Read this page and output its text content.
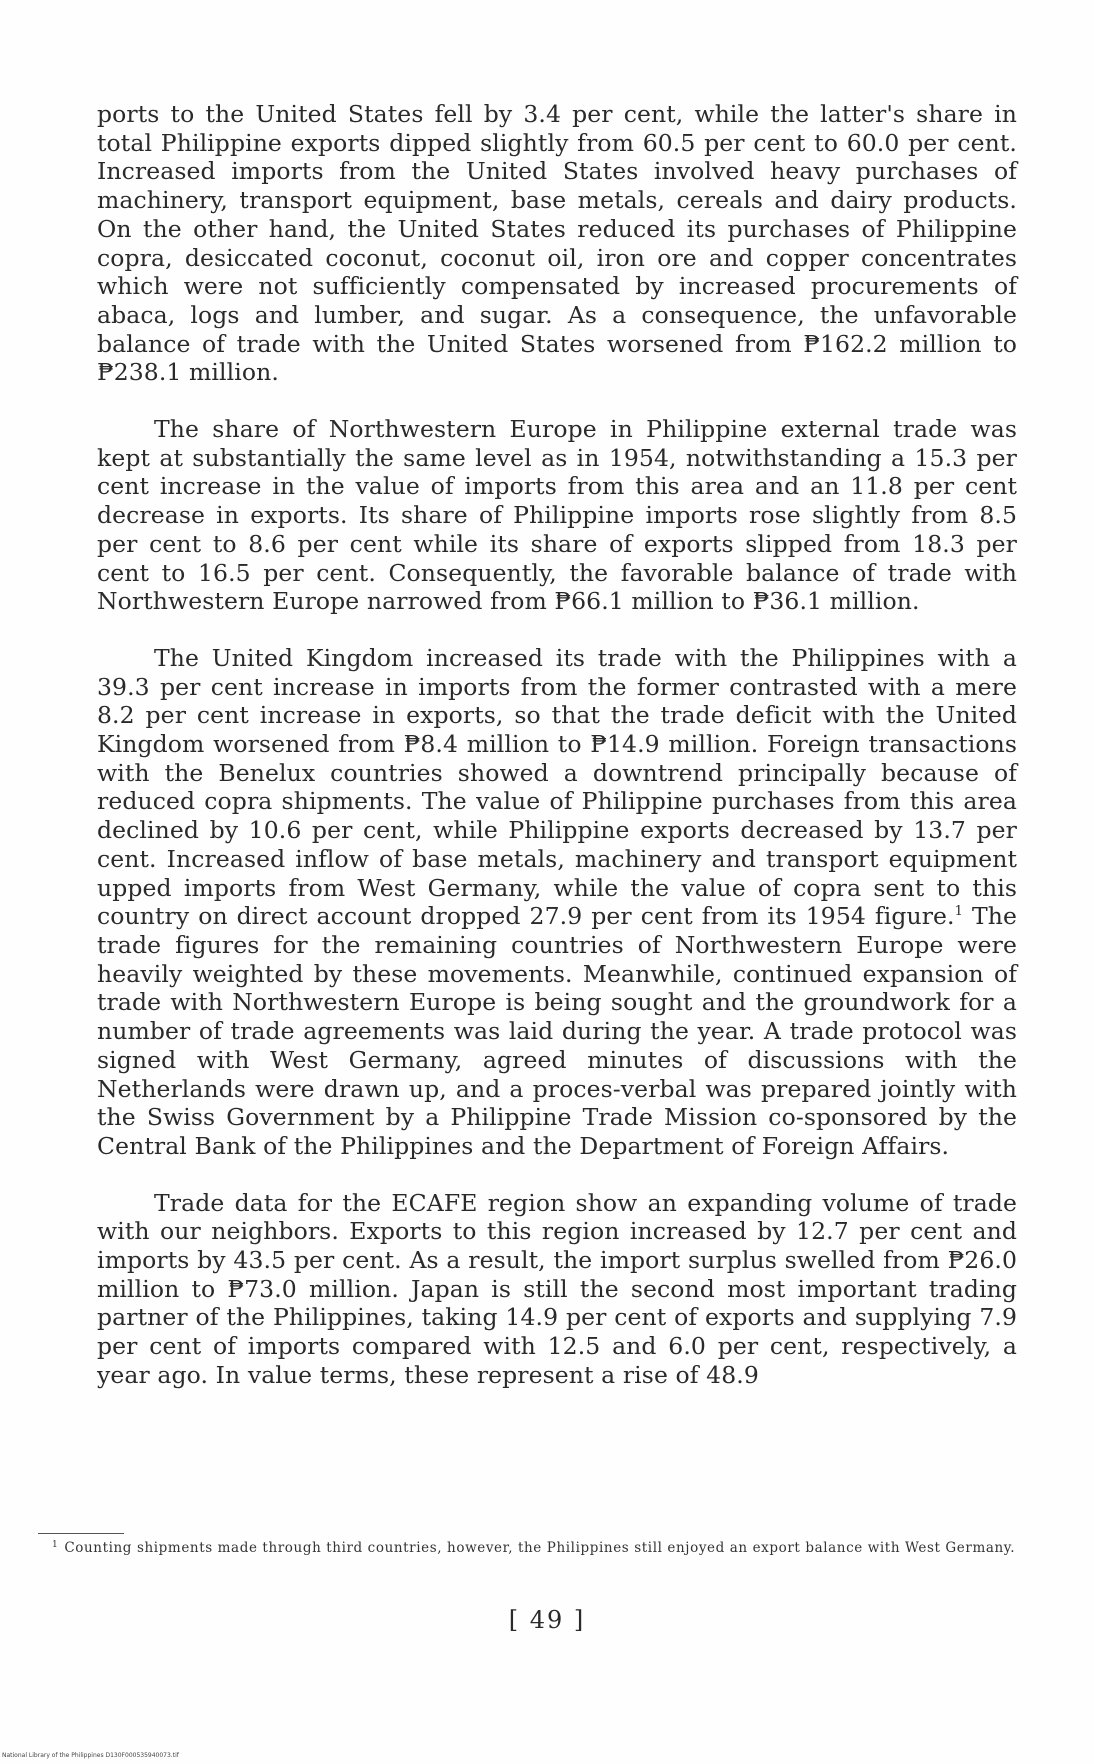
ports to the United States fell by 3.4 per cent, while the latter's share in total Philippine exports dipped slightly from 60.5 per cent to 60.0 per cent. Increased imports from the United States involved heavy purchases of machinery, transport equipment, base metals, cereals and dairy products. On the other hand, the United States reduced its purchases of Philippine copra, desiccated coconut, coconut oil, iron ore and copper concentrates which were not sufficiently compensated by increased procurements of abaca, logs and lumber, and sugar. As a consequence, the unfavorable balance of trade with the United States worsened from ₱162.2 million to ₱238.1 million.

The share of Northwestern Europe in Philippine external trade was kept at substantially the same level as in 1954, notwithstanding a 15.3 per cent increase in the value of imports from this area and an 11.8 per cent decrease in exports. Its share of Philippine imports rose slightly from 8.5 per cent to 8.6 per cent while its share of exports slipped from 18.3 per cent to 16.5 per cent. Consequently, the favorable balance of trade with Northwestern Europe narrowed from ₱66.1 million to ₱36.1 million.

The United Kingdom increased its trade with the Philippines with a 39.3 per cent increase in imports from the former contrasted with a mere 8.2 per cent increase in exports, so that the trade deficit with the United Kingdom worsened from ₱8.4 million to ₱14.9 million. Foreign transactions with the Benelux countries showed a downtrend principally because of reduced copra shipments. The value of Philippine purchases from this area declined by 10.6 per cent, while Philippine exports decreased by 13.7 per cent. Increased inflow of base metals, machinery and transport equipment upped imports from West Germany, while the value of copra sent to this country on direct account dropped 27.9 per cent from its 1954 figure.$^1$ The trade figures for the remaining countries of Northwestern Europe were heavily weighted by these movements. Meanwhile, continued expansion of trade with Northwestern Europe is being sought and the groundwork for a number of trade agreements was laid during the year. A trade protocol was signed with West Germany, agreed minutes of discussions with the Netherlands were drawn up, and a proces-verbal was prepared jointly with the Swiss Government by a Philippine Trade Mission co-sponsored by the Central Bank of the Philippines and the Department of Foreign Affairs.

Trade data for the ECAFE region show an expanding volume of trade with our neighbors. Exports to this region increased by 12.7 per cent and imports by 43.5 per cent. As a result, the import surplus swelled from ₱26.0 million to ₱73.0 million. Japan is still the second most important trading partner of the Philippines, taking 14.9 per cent of exports and supplying 7.9 per cent of imports compared with 12.5 and 6.0 per cent, respectively, a year ago. In value terms, these represent a rise of 48.9

$^1$ Counting shipments made through third countries, however, the Philippines still enjoyed an export balance with West Germany.
[ 49 ]
National Library of the Philippines D130F000535940073.tif
